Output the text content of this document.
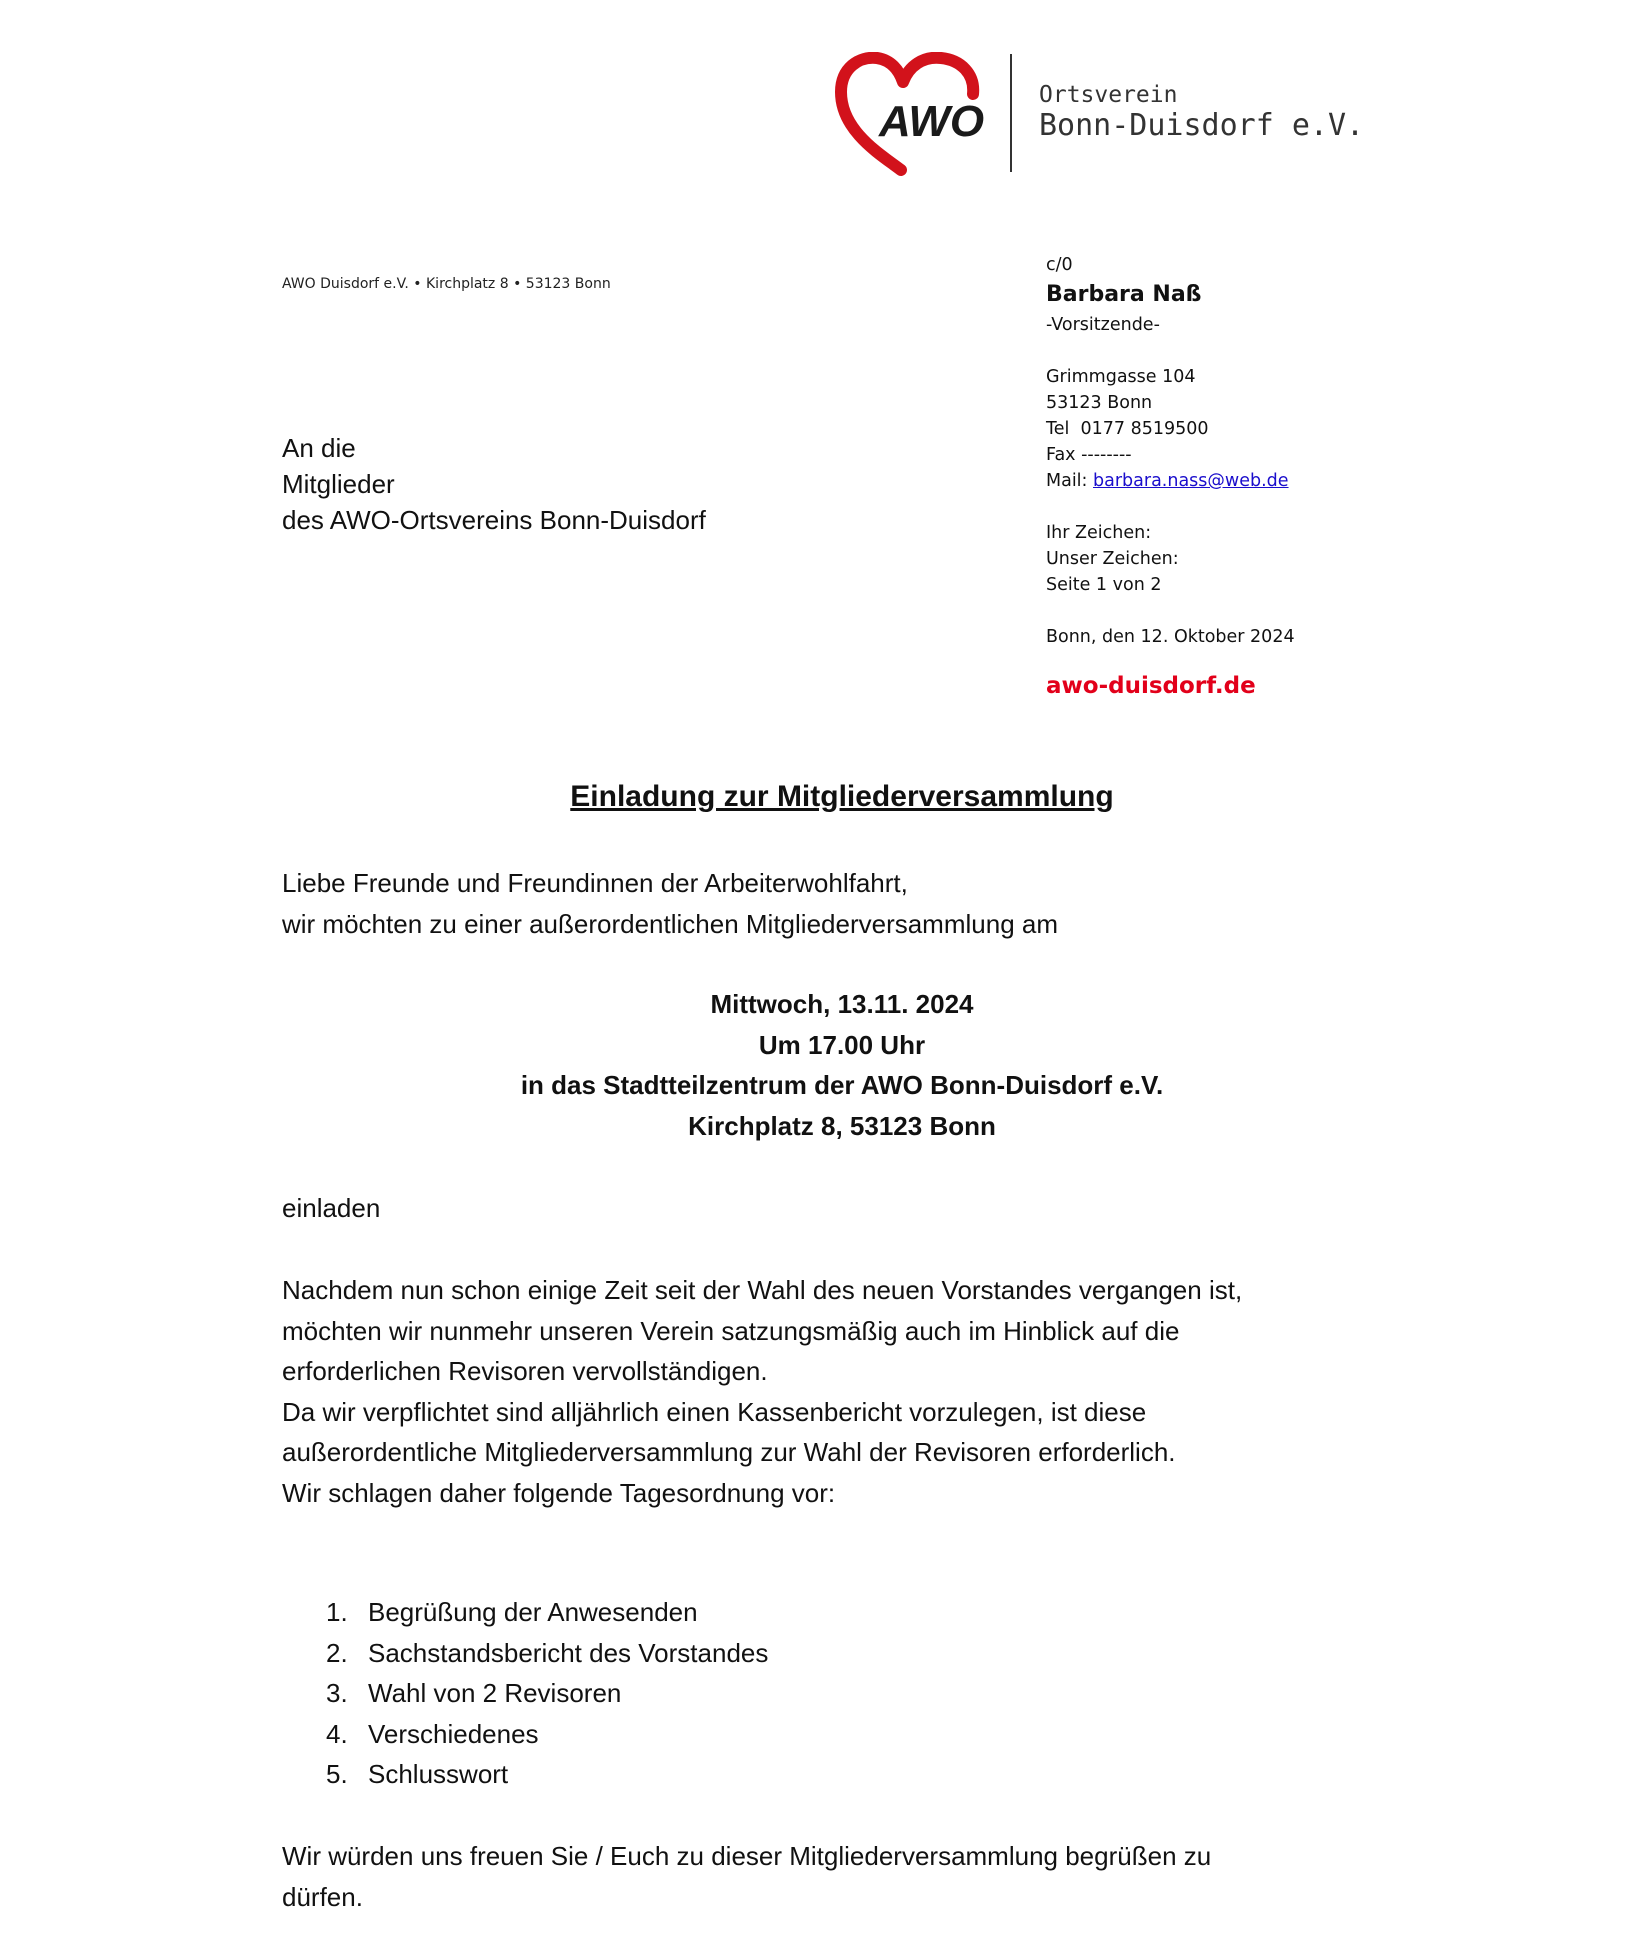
AWO
Ortsverein
Bonn-Duisdorf e.V.
AWO Duisdorf e.V. • Kirchplatz 8 • 53123 Bonn
c/0
Barbara Naß
-Vorsitzende-
Grimmgasse 104
53123 Bonn
Tel  0177 8519500
Fax --------
Mail: barbara.nass@web.de
Ihr Zeichen:
Unser Zeichen:
Seite 1 von 2
Bonn, den 12. Oktober 2024
awo-duisdorf.de
An die
Mitglieder
des AWO-Ortsvereins Bonn-Duisdorf
Einladung zur Mitgliederversammlung
Liebe Freunde und Freundinnen der Arbeiterwohlfahrt,
wir möchten zu einer außerordentlichen Mitgliederversammlung am
Mittwoch, 13.11. 2024
Um 17.00 Uhr
in das Stadtteilzentrum der AWO Bonn-Duisdorf e.V.
Kirchplatz 8, 53123 Bonn
einladen
Nachdem nun schon einige Zeit seit der Wahl des neuen Vorstandes vergangen ist,
möchten wir nunmehr unseren Verein satzungsmäßig auch im Hinblick auf die
erforderlichen Revisoren vervollständigen.
Da wir verpflichtet sind alljährlich einen Kassenbericht vorzulegen, ist diese
außerordentliche Mitgliederversammlung zur Wahl der Revisoren erforderlich.
Wir schlagen daher folgende Tagesordnung vor:
1. Begrüßung der Anwesenden
2. Sachstandsbericht des Vorstandes
3. Wahl von 2 Revisoren
4. Verschiedenes
5. Schlusswort
Wir würden uns freuen Sie / Euch zu dieser Mitgliederversammlung begrüßen zu
dürfen.
